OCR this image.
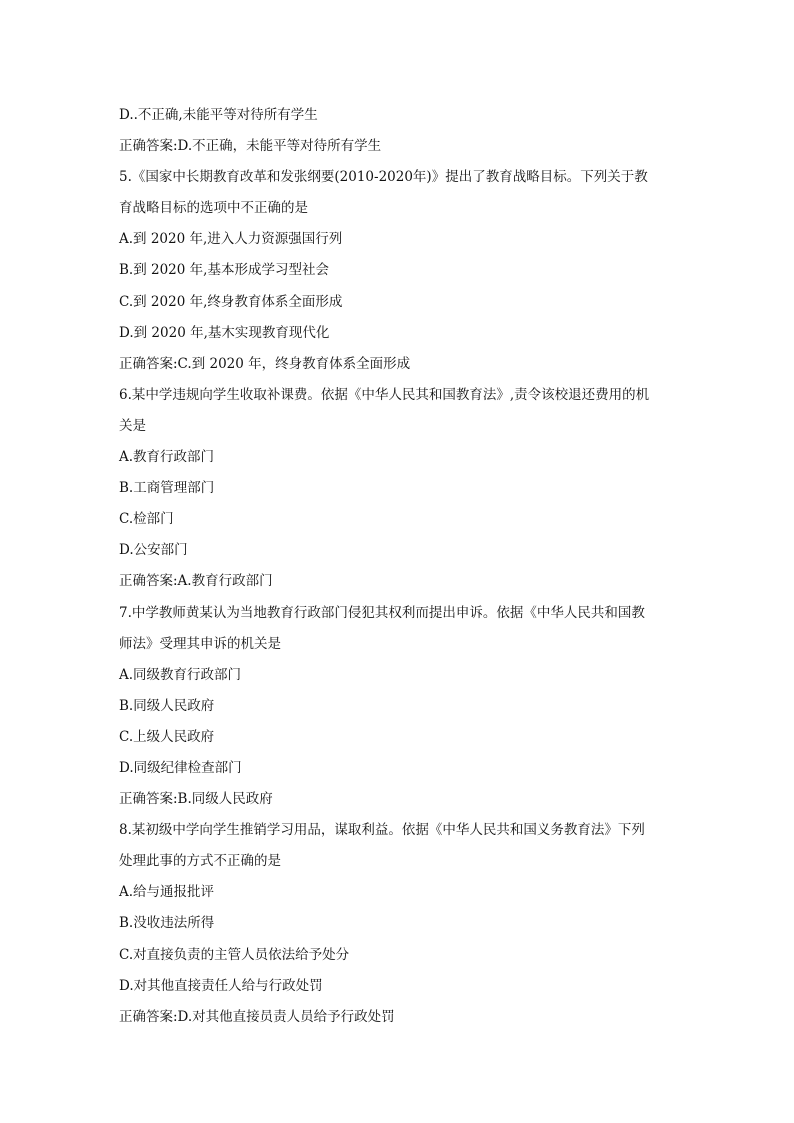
D..不正确,未能平等对待所有学生
正确答案:D.不正确，未能平等对待所有学生
5.《国家中长期教育改革和发张纲要(2010-2020年)》提出了教育战略目标。下列关于教
育战略目标的选项中不正确的是
A.到 2020 年,进入人力资源强国行列
B.到 2020 年,基本形成学习型社会
C.到 2020 年,终身教育体系全面形成
D.到 2020 年,基木实现教育现代化
正确答案:C.到 2020 年，终身教育体系全面形成
6.某中学违规向学生收取补课费。依据《中华人民其和国教育法》,责令该校退还费用的机
关是
A.教育行政部门
B.工商管理部门
C.检部门
D.公安部门
正确答案:A.教育行政部门
7.中学教师黄某认为当地教育行政部门侵犯其权利而提出申诉。依据《中华人民共和国教
师法》受理其申诉的机关是
A.同级教育行政部门
B.同级人民政府
C.上级人民政府
D.同级纪律检查部门
正确答案:B.同级人民政府
8.某初级中学向学生推销学习用品，谋取利益。依据《中华人民共和国义务教育法》下列
处理此事的方式不正确的是
A.给与通报批评
B.没收违法所得
C.对直接负责的主管人员依法给予处分
D.对其他直接责任人给与行政处罚
正确答案:D.对其他直接员责人员给予行政处罚
